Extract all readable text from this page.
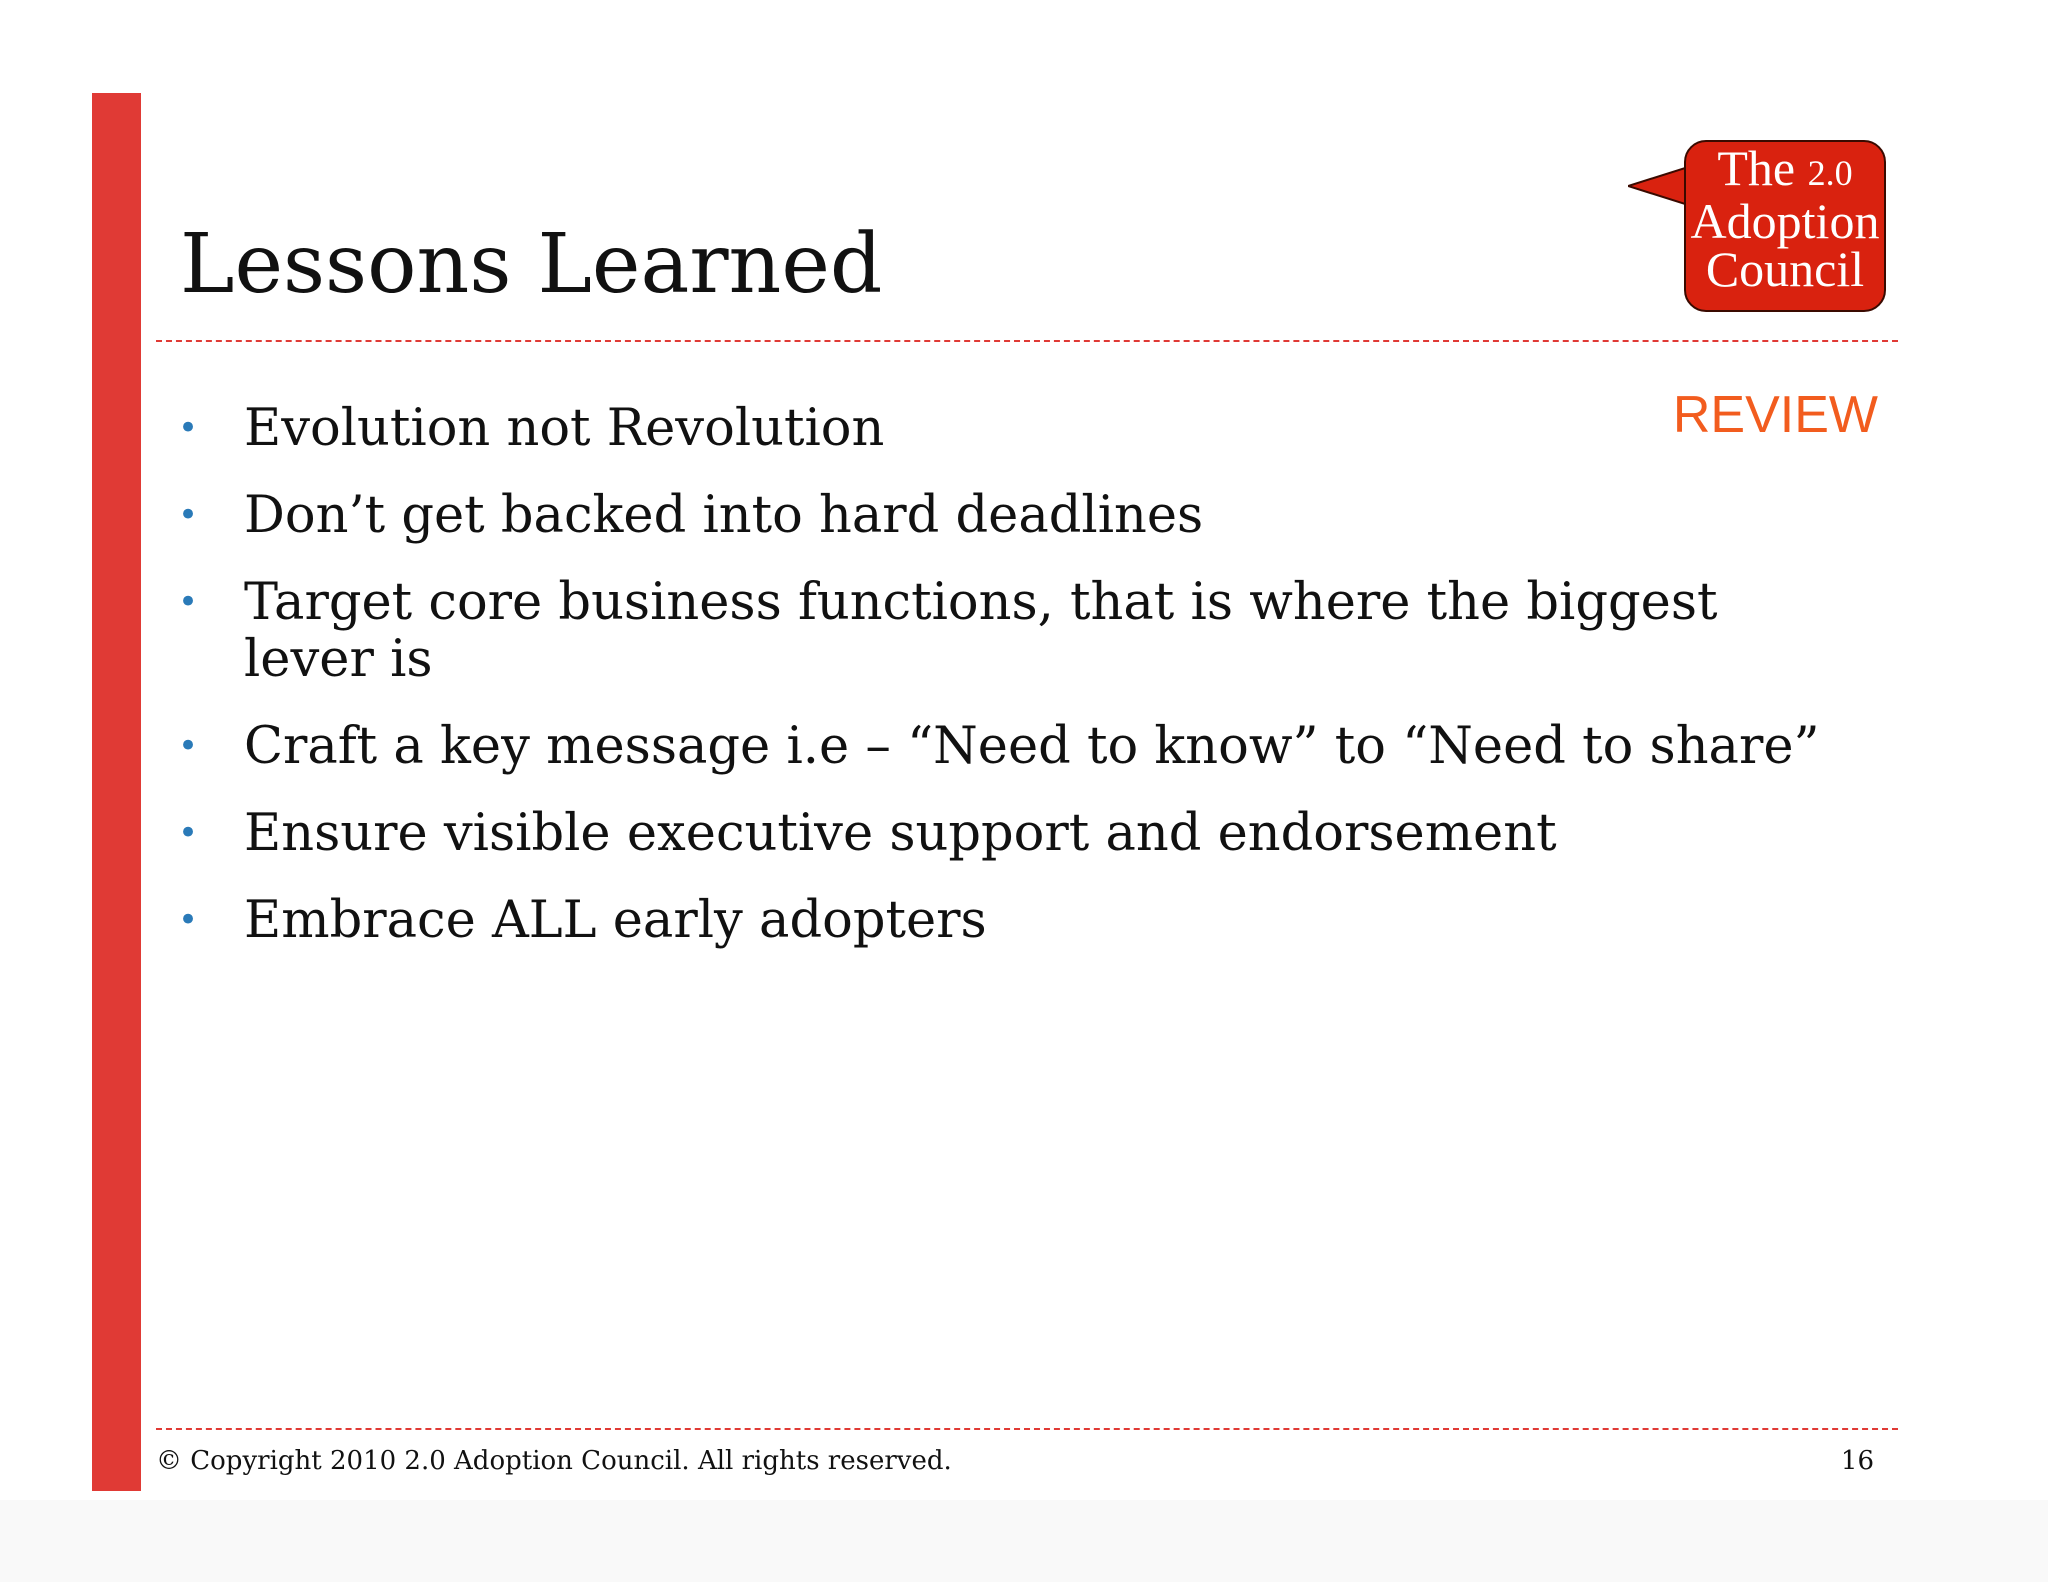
Lessons Learned
The 2.0
Adoption
Council
REVIEW
• Evolution not Revolution
• Don’t get backed into hard deadlines
• Target core business functions, that is where the biggest lever is
• Craft a key message i.e – “Need to know” to “Need to share”
• Ensure visible executive support and endorsement
• Embrace ALL early adopters
© Copyright 2010 2.0 Adoption Council. All rights reserved.	16
